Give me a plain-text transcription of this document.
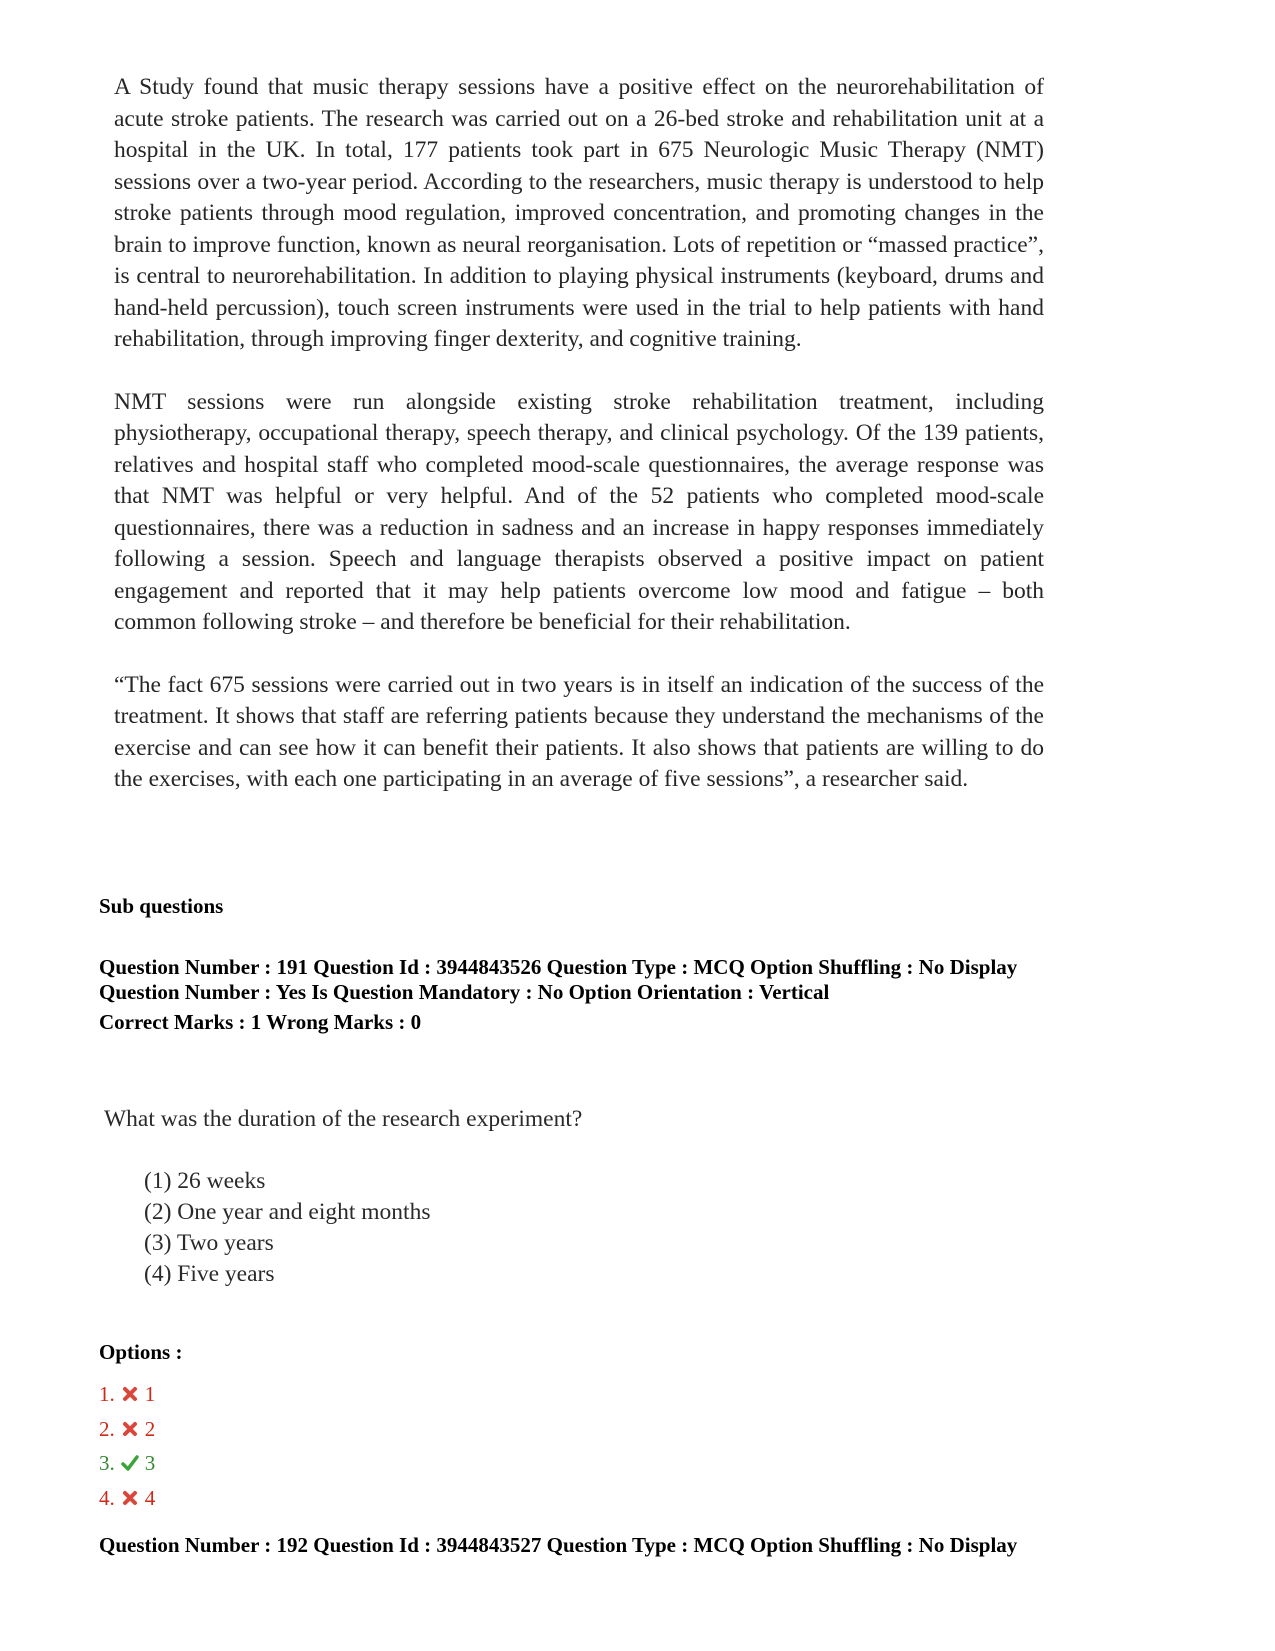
A Study found that music therapy sessions have a positive effect on the neurorehabilitation of acute stroke patients. The research was carried out on a 26-bed stroke and rehabilitation unit at a hospital in the UK. In total, 177 patients took part in 675 Neurologic Music Therapy (NMT) sessions over a two-year period. According to the researchers, music therapy is understood to help stroke patients through mood regulation, improved concentration, and promoting changes in the brain to improve function, known as neural reorganisation. Lots of repetition or “massed practice”, is central to neurorehabilitation. In addition to playing physical instruments (keyboard, drums and hand-held percussion), touch screen instruments were used in the trial to help patients with hand rehabilitation, through improving finger dexterity, and cognitive training.

NMT sessions were run alongside existing stroke rehabilitation treatment, including physiotherapy, occupational therapy, speech therapy, and clinical psychology. Of the 139 patients, relatives and hospital staff who completed mood-scale questionnaires, the average response was that NMT was helpful or very helpful. And of the 52 patients who completed mood-scale questionnaires, there was a reduction in sadness and an increase in happy responses immediately following a session. Speech and language therapists observed a positive impact on patient engagement and reported that it may help patients overcome low mood and fatigue – both common following stroke – and therefore be beneficial for their rehabilitation.

“The fact 675 sessions were carried out in two years is in itself an indication of the success of the treatment. It shows that staff are referring patients because they understand the mechanisms of the exercise and can see how it can benefit their patients. It also shows that patients are willing to do the exercises, with each one participating in an average of five sessions”, a researcher said.

Sub questions
Question Number : 191 Question Id : 3944843526 Question Type : MCQ Option Shuffling : No Display
Question Number : Yes Is Question Mandatory : No Option Orientation : Vertical
Correct Marks : 1 Wrong Marks : 0
What was the duration of the research experiment?
(1) 26 weeks
(2) One year and eight months
(3) Two years
(4) Five years
Options :
1. 1
2. 2
3. 3
4. 4
Question Number : 192 Question Id : 3944843527 Question Type : MCQ Option Shuffling : No Display
